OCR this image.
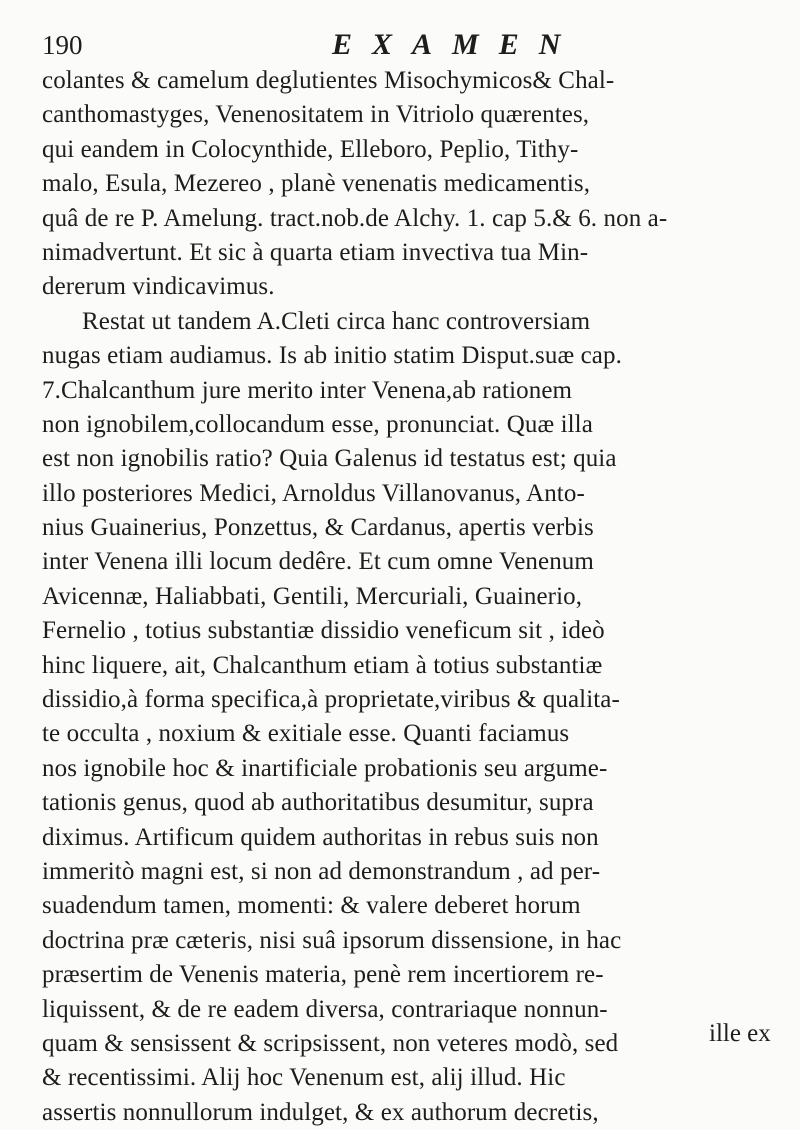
190	EXAMEN
colantes & camelum deglutientes Misochymicos& Chal-
canthomastyges, Venenositatem in Vitriolo quærentes,
qui eandem in Colocynthide, Elleboro, Peplio, Tithy-
malo, Esula, Mezereo , planè venenatis medicamentis,
quâ de re P. Amelung. tract.nob.de Alchy. 1. cap 5.& 6. non a-
nimadvertunt. Et sic à quarta etiam invectiva tua Min-
dererum vindicavimus.
Restat ut tandem A.Cleti circa hanc controversiam
nugas etiam audiamus. Is ab initio statim Disput.suæ cap.
7.Chalcanthum jure merito inter Venena,ab rationem
non ignobilem,collocandum esse, pronunciat. Quæ illa
est non ignobilis ratio? Quia Galenus id testatus est; quia
illo posteriores Medici, Arnoldus Villanovanus, Anto-
nius Guainerius, Ponzettus, & Cardanus, apertis verbis
inter Venena illi locum dedêre. Et cum omne Venenum
Avicennæ, Haliabbati, Gentili, Mercuriali, Guainerio,
Fernelio , totius substantiæ dissidio veneficum sit , ideò
hinc liquere, ait, Chalcanthum etiam à totius substantiæ
dissidio,à forma specifica,à proprietate,viribus & qualita-
te occulta , noxium & exitiale esse. Quanti faciamus
nos ignobile hoc & inartificiale probationis seu argume-
tationis genus, quod ab authoritatibus desumitur, supra
diximus. Artificum quidem authoritas in rebus suis non
immeritò magni est, si non ad demonstrandum , ad per-
suadendum tamen, momenti: & valere deberet horum
doctrina præ cæteris, nisi suâ ipsorum dissensione, in hac
præsertim de Venenis materia, penè rem incertiorem re-
liquissent, & de re eadem diversa, contrariaque nonnun-
quam & sensissent & scripsissent, non veteres modò, sed
& recentissimi. Alij hoc Venenum est, alij illud. Hic
assertis nonnullorum indulget, & ex authorum decretis,
ille ex
